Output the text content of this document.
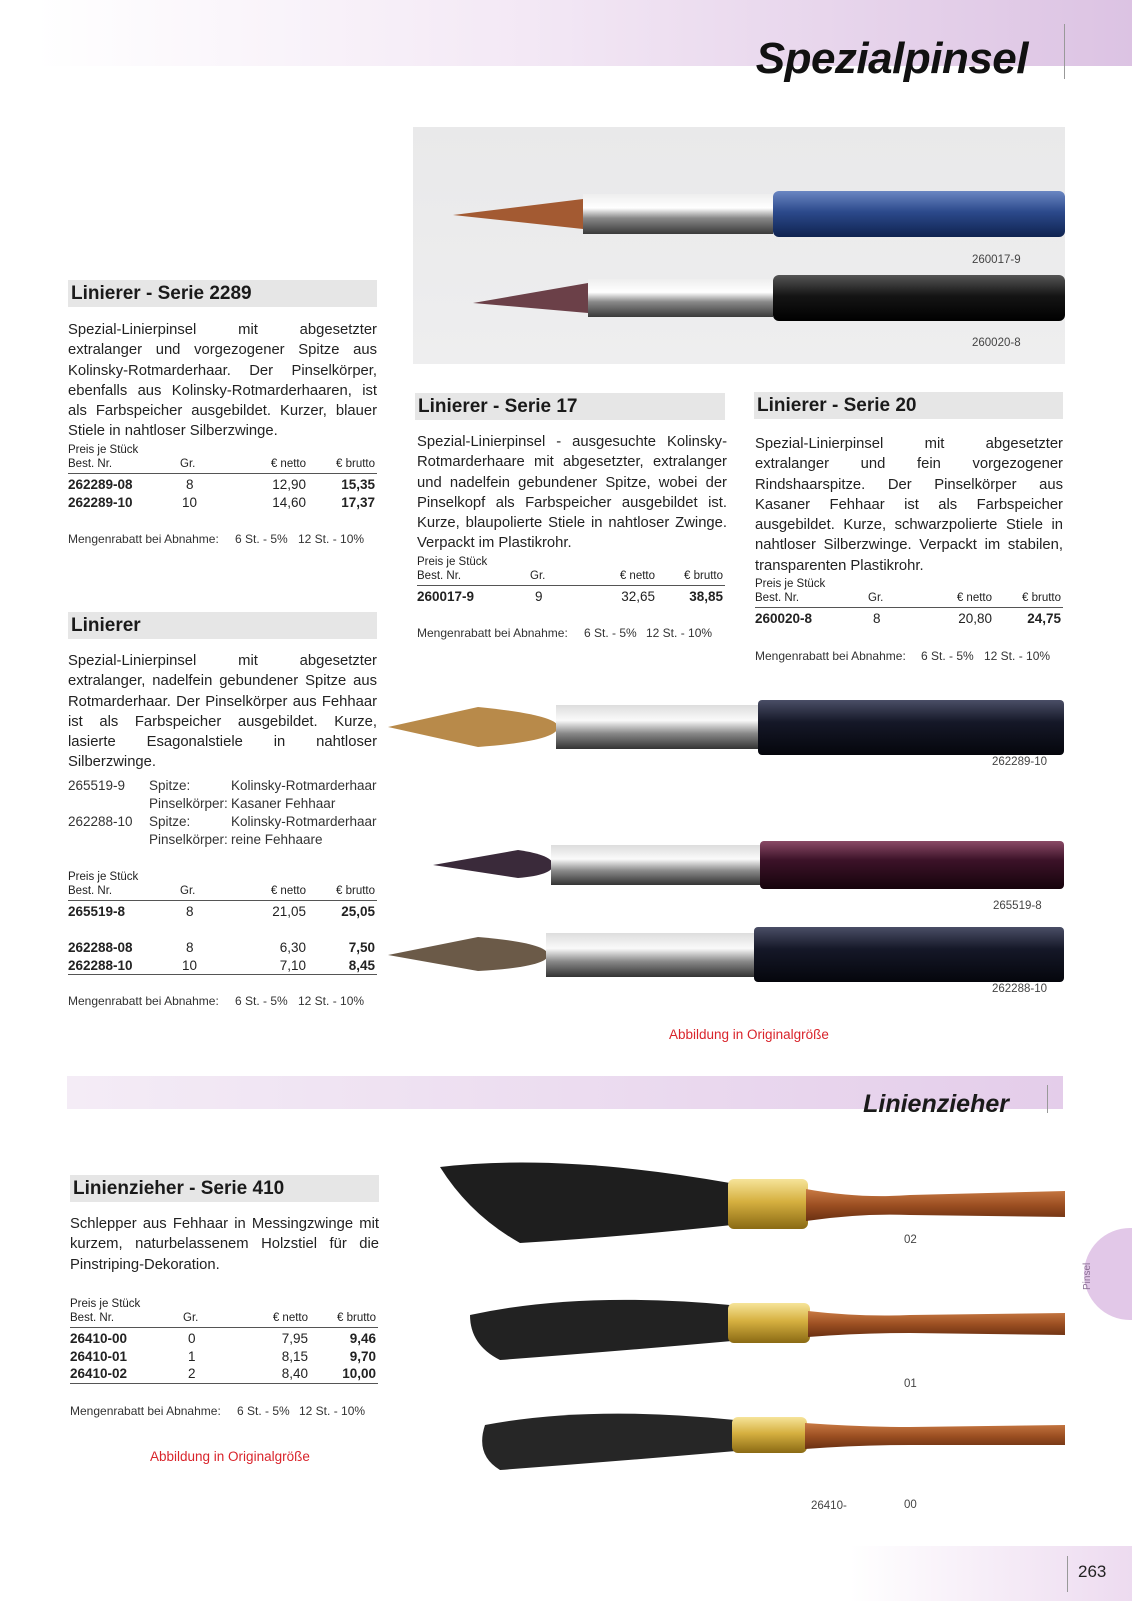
Spezialpinsel
260017-9
260020-8
Linierer - Serie 2289
Spezial-Linierpinsel mit abgesetzter extralanger und vorgezogener Spitze aus Kolinsky-Rotmarderhaar. Der Pinselkörper, ebenfalls aus Kolinsky-Rotmarderhaaren, ist als Farbspeicher ausgebildet. Kurzer, blauer Stiele in nahtloser Silberzwinge.
Preis je Stück
Best. Nr.	Gr.	€ netto	€ brutto
262289-08	8	12,90	15,35
262289-10	10	14,60	17,37
Mengenrabatt bei Abnahme: 6 St. - 5% 12 St. - 10%
Linierer - Serie 17
Spezial-Linierpinsel - ausgesuchte Kolinsky-Rotmarderhaare mit abgesetzter, extralanger und nadelfein gebundener Spitze, wobei der Pinselkopf als Farbspeicher ausgebildet ist. Kurze, blaupolierte Stiele in nahtloser Zwinge. Verpackt im Plastikrohr.
Preis je Stück
Best. Nr.	Gr.	€ netto	€ brutto
260017-9	9	32,65	38,85
Mengenrabatt bei Abnahme: 6 St. - 5% 12 St. - 10%
Linierer - Serie 20
Spezial-Linierpinsel mit abgesetzter extralanger und fein vorgezogener Rindshaarspitze. Der Pinselkörper aus Kasaner Fehhaar ist als Farbspeicher ausgebildet. Kurze, schwarzpolierte Stiele in nahtloser Silberzwinge. Verpackt im stabilen, transparenten Plastikrohr.
Preis je Stück
Best. Nr.	Gr.	€ netto	€ brutto
260020-8	8	20,80	24,75
Mengenrabatt bei Abnahme: 6 St. - 5% 12 St. - 10%
Linierer
Spezial-Linierpinsel mit abgesetzter extralanger, nadelfein gebundener Spitze aus Rotmarderhaar. Der Pinselkörper aus Fehhaar ist als Farbspeicher ausgebildet. Kurze, lasierte Esagonalstiele in nahtloser Silberzwinge.
265519-9 Spitze:	Kolinsky-Rotmarderhaar
Pinselkörper: Kasaner Fehhaar
262288-10 Spitze:	Kolinsky-Rotmarderhaar
Pinselkörper: reine Fehhaare
Preis je Stück
Best. Nr.	Gr.	€ netto	€ brutto
265519-8	8	21,05	25,05
262288-08	8	6,30	7,50
262288-10	10	7,10	8,45
Mengenrabatt bei Abnahme: 6 St. - 5% 12 St. - 10%
262289-10
265519-8
262288-10
Abbildung in Originalgröße
Linienzieher
Linienzieher - Serie 410
Schlepper aus Fehhaar in Messingzwinge mit kurzem, naturbelassenem Holzstiel für die Pinstriping-Dekoration.
Preis je Stück
Best. Nr.	Gr.	€ netto	€ brutto
26410-00	0	7,95	9,46
26410-01	1	8,15	9,70
26410-02	2	8,40	10,00
Mengenrabatt bei Abnahme: 6 St. - 5% 12 St. - 10%
Abbildung in Originalgröße
02
01
26410-	00
Pinsel
263
